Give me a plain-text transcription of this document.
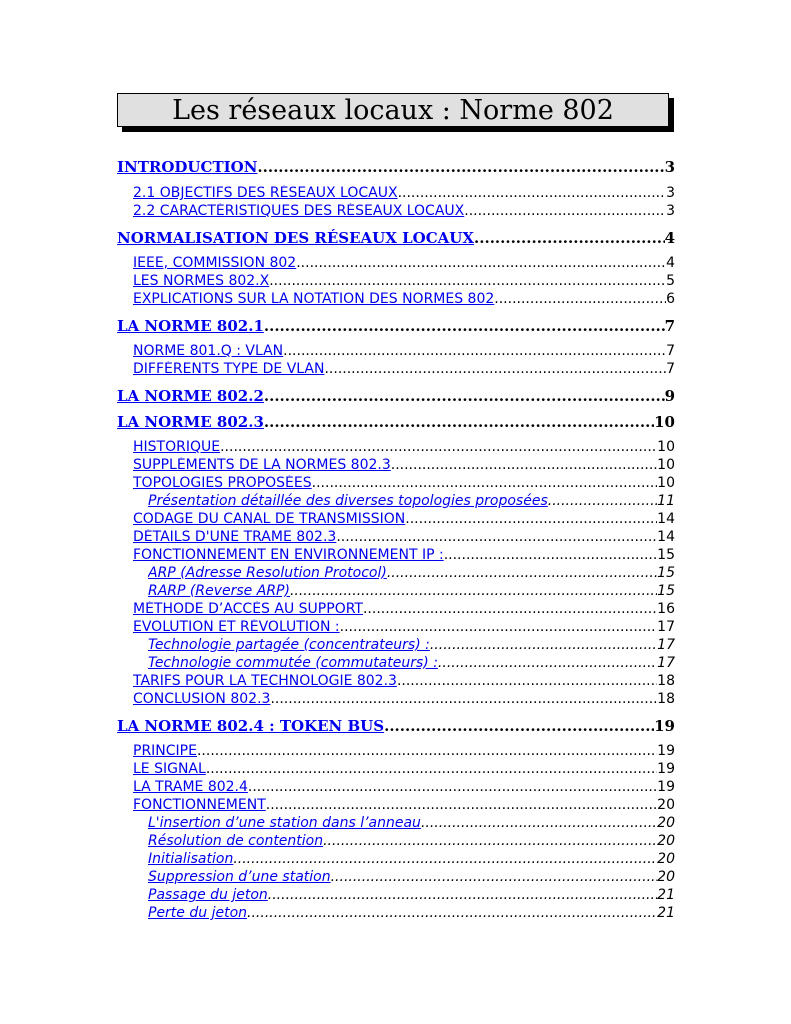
Les réseaux locaux : Norme 802
INTRODUCTION .....	3
2.1 OBJECTIFS DES RÉSEAUX LOCAUX .....	3
2.2 CARACTÉRISTIQUES DES RÉSEAUX LOCAUX .....	3
NORMALISATION DES RÉSEAUX LOCAUX .....	4
IEEE, COMMISSION 802 .....	4
LES NORMES 802.X .....	5
EXPLICATIONS SUR LA NOTATION DES NORMES 802 .....	6
LA NORME 802.1 .....	7
NORME 801.Q : VLAN .....	7
DIFFÉRENTS TYPE DE VLAN .....	7
LA NORME 802.2 .....	9
LA NORME 802.3 .....	10
HISTORIQUE .....	10
SUPPLÉMENTS DE LA NORMES 802.3 .....	10
TOPOLOGIES PROPOSÉES .....	10
Présentation détaillée des diverses topologies proposées .....	11
CODAGE DU CANAL DE TRANSMISSION .....	14
DÉTAILS D'UNE TRAME 802.3 .....	14
FONCTIONNEMENT EN ENVIRONNEMENT IP : .....	15
ARP (Adresse Resolution Protocol) .....	15
RARP (Reverse ARP) .....	15
MÉTHODE D’ACCÈS AU SUPPORT .....	16
EVOLUTION ET RÉVOLUTION : .....	17
Technologie partagée (concentrateurs) : .....	17
Technologie commutée (commutateurs) : .....	17
TARIFS POUR LA TECHNOLOGIE 802.3 .....	18
CONCLUSION 802.3 .....	18
LA NORME 802.4 : TOKEN BUS .....	19
PRINCIPE .....	19
LE SIGNAL .....	19
LA TRAME 802.4 .....	19
FONCTIONNEMENT .....	20
L'insertion d’une station dans l’anneau .....	20
Résolution de contention .....	20
Initialisation .....	20
Suppression d’une station .....	20
Passage du jeton .....	21
Perte du jeton .....	21
